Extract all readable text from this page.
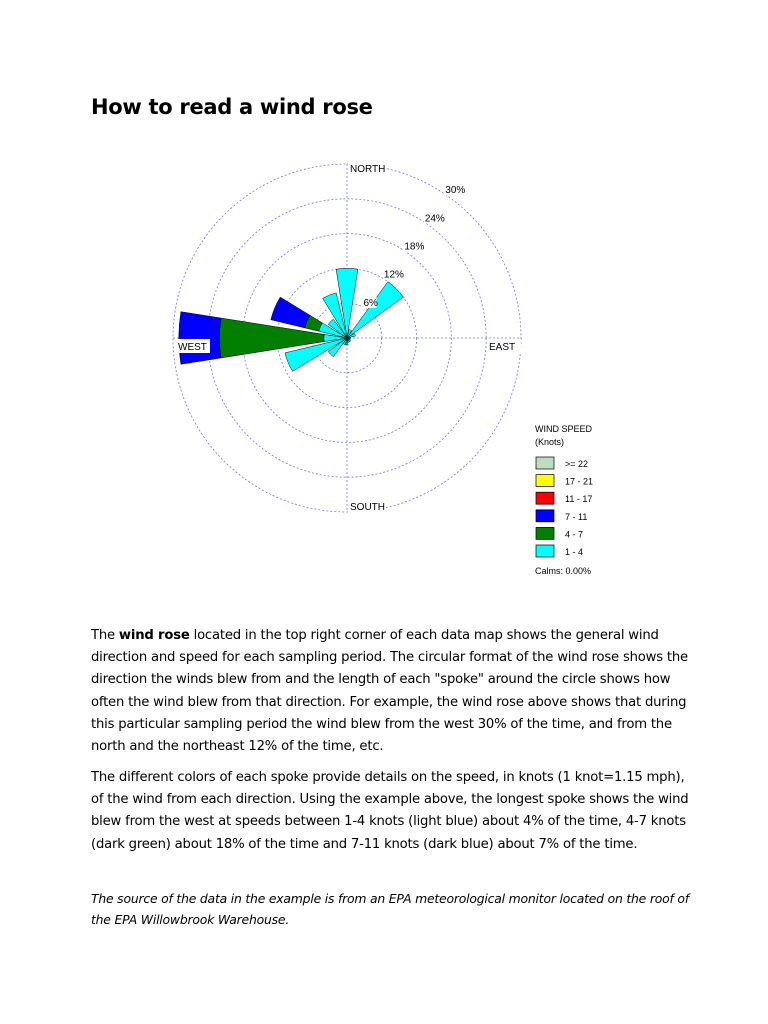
How to read a wind rose
6%
12%
18%
24%
30%
NORTH
EAST
SOUTH
WEST
WIND SPEED
(Knots)
>= 22
17 - 21
11 - 17
7 - 11
4 - 7
1 - 4
Calms: 0.00%

The wind rose located in the top right corner of each data map shows the general wind direction and speed for each sampling period. The circular format of the wind rose shows the direction the winds blew from and the length of each "spoke" around the circle shows how often the wind blew from that direction. For example, the wind rose above shows that during this particular sampling period the wind blew from the west 30% of the time, and from the north and the northeast 12% of the time, etc.

The different colors of each spoke provide details on the speed, in knots (1 knot=1.15 mph), of the wind from each direction. Using the example above, the longest spoke shows the wind blew from the west at speeds between 1-4 knots (light blue) about 4% of the time, 4-7 knots (dark green) about 18% of the time and 7-11 knots (dark blue) about 7% of the time.

The source of the data in the example is from an EPA meteorological monitor located on the roof of the EPA Willowbrook Warehouse.
